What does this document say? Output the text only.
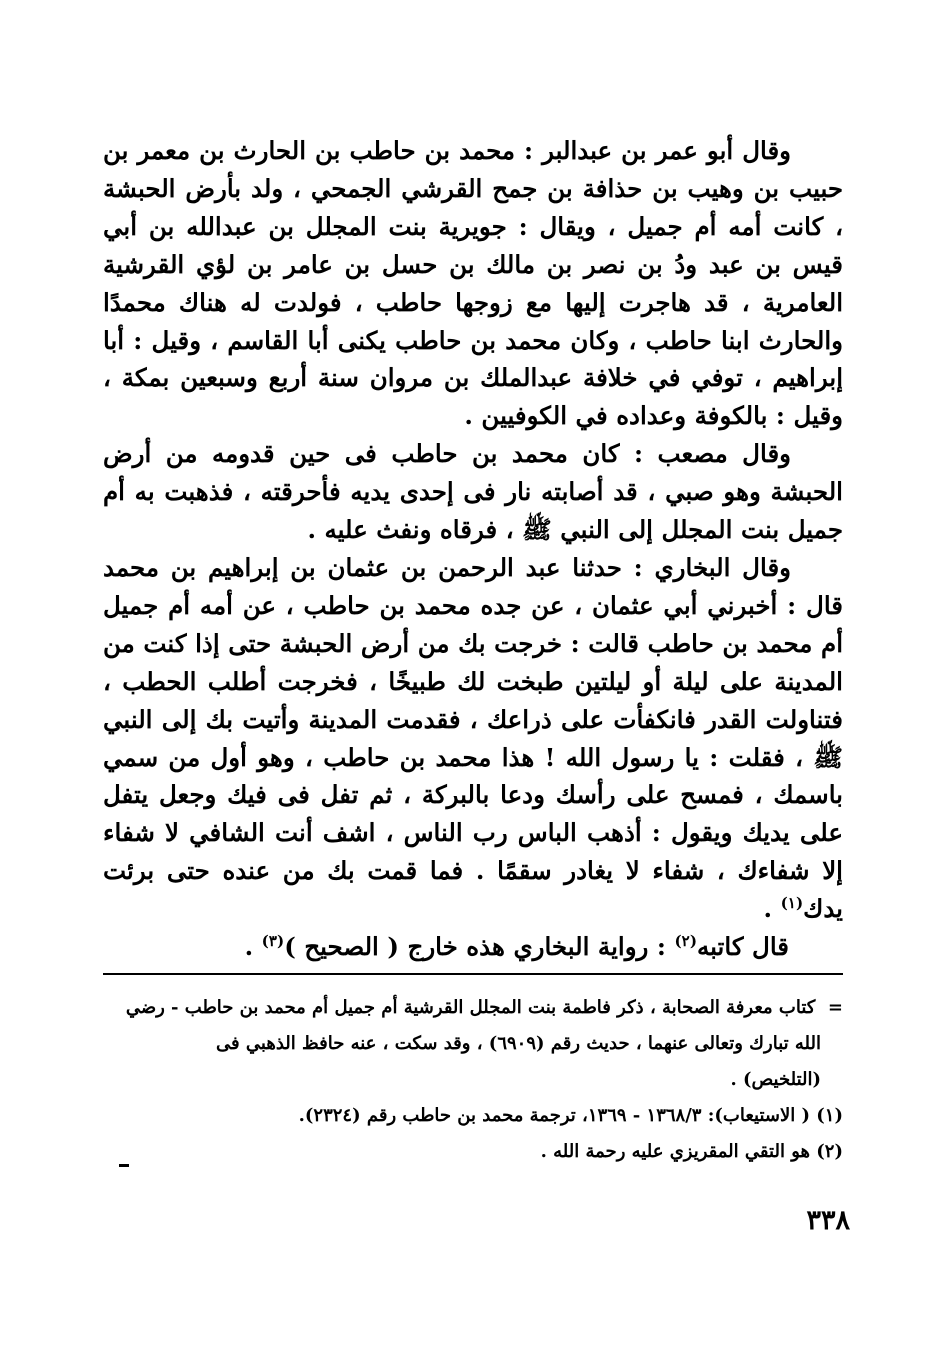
وقال أبو عمر بن عبدالبر : محمد بن حاطب بن الحارث بن معمر بن حبيب بن وهيب بن حذافة بن جمح القرشي الجمحي ، ولد بأرض الحبشة ، كانت أمه أم جميل ، ويقال : جويرية بنت المجلل بن عبدالله بن أبي قيس بن عبد ودُ بن نصر بن مالك بن حسل بن عامر بن لؤي القرشية العامرية ، قد هاجرت إليها مع زوجها حاطب ، فولدت له هناك محمدًا والحارث ابنا حاطب ، وكان محمد بن حاطب يكنى أبا القاسم ، وقيل : أبا إبراهيم ، توفي في خلافة عبدالملك بن مروان سنة أربع وسبعين بمكة ، وقيل : بالكوفة وعداده في الكوفيين .

وقال مصعب : كان محمد بن حاطب فى حين قدومه من أرض الحبشة وهو صبي ، قد أصابته نار فى إحدى يديه فأحرقته ، فذهبت به أم جميل بنت المجلل إلى النبي ﷺ ، فرقاه ونفث عليه .

وقال البخاري : حدثنا عبد الرحمن بن عثمان بن إبراهيم بن محمد قال : أخبرني أبي عثمان ، عن جده محمد بن حاطب ، عن أمه أم جميل أم محمد بن حاطب قالت : خرجت بك من أرض الحبشة حتى إذا كنت من المدينة على ليلة أو ليلتين طبخت لك طبيخًا ، فخرجت أطلب الحطب ، فتناولت القدر فانكفأت على ذراعك ، فقدمت المدينة وأتيت بك إلى النبي ﷺ ، فقلت : يا رسول الله ! هذا محمد بن حاطب ، وهو أول من سمي باسمك ، فمسح على رأسك ودعا بالبركة ، ثم تفل فى فيك وجعل يتفل على يديك ويقول : أذهب الباس رب الناس ، اشف أنت الشافي لا شفاء إلا شفاءك ، شفاء لا يغادر سقمًا . فما قمت بك من عنده حتى برئت يدك$^{(١)}$ .

قال كاتبه$^{(٢)}$ : رواية البخاري هذه خارج ( الصحيح )$^{(٣)}$ .

=  كتاب معرفة الصحابة ، ذكر فاطمة بنت المجلل القرشية أم جميل أم محمد بن حاطب - رضي

الله تبارك وتعالى عنهما ، حديث رقم (٦٩٠٩) ، وقد سكت ، عنه حافظ الذهبي فى

(التلخيص) .

(١) ( الاستيعاب): ١٣٦٨/٣ - ١٣٦٩، ترجمة محمد بن حاطب رقم (٢٣٢٤).

(٢) هو التقي المقريزي عليه رحمة الله .

٣٣٨
